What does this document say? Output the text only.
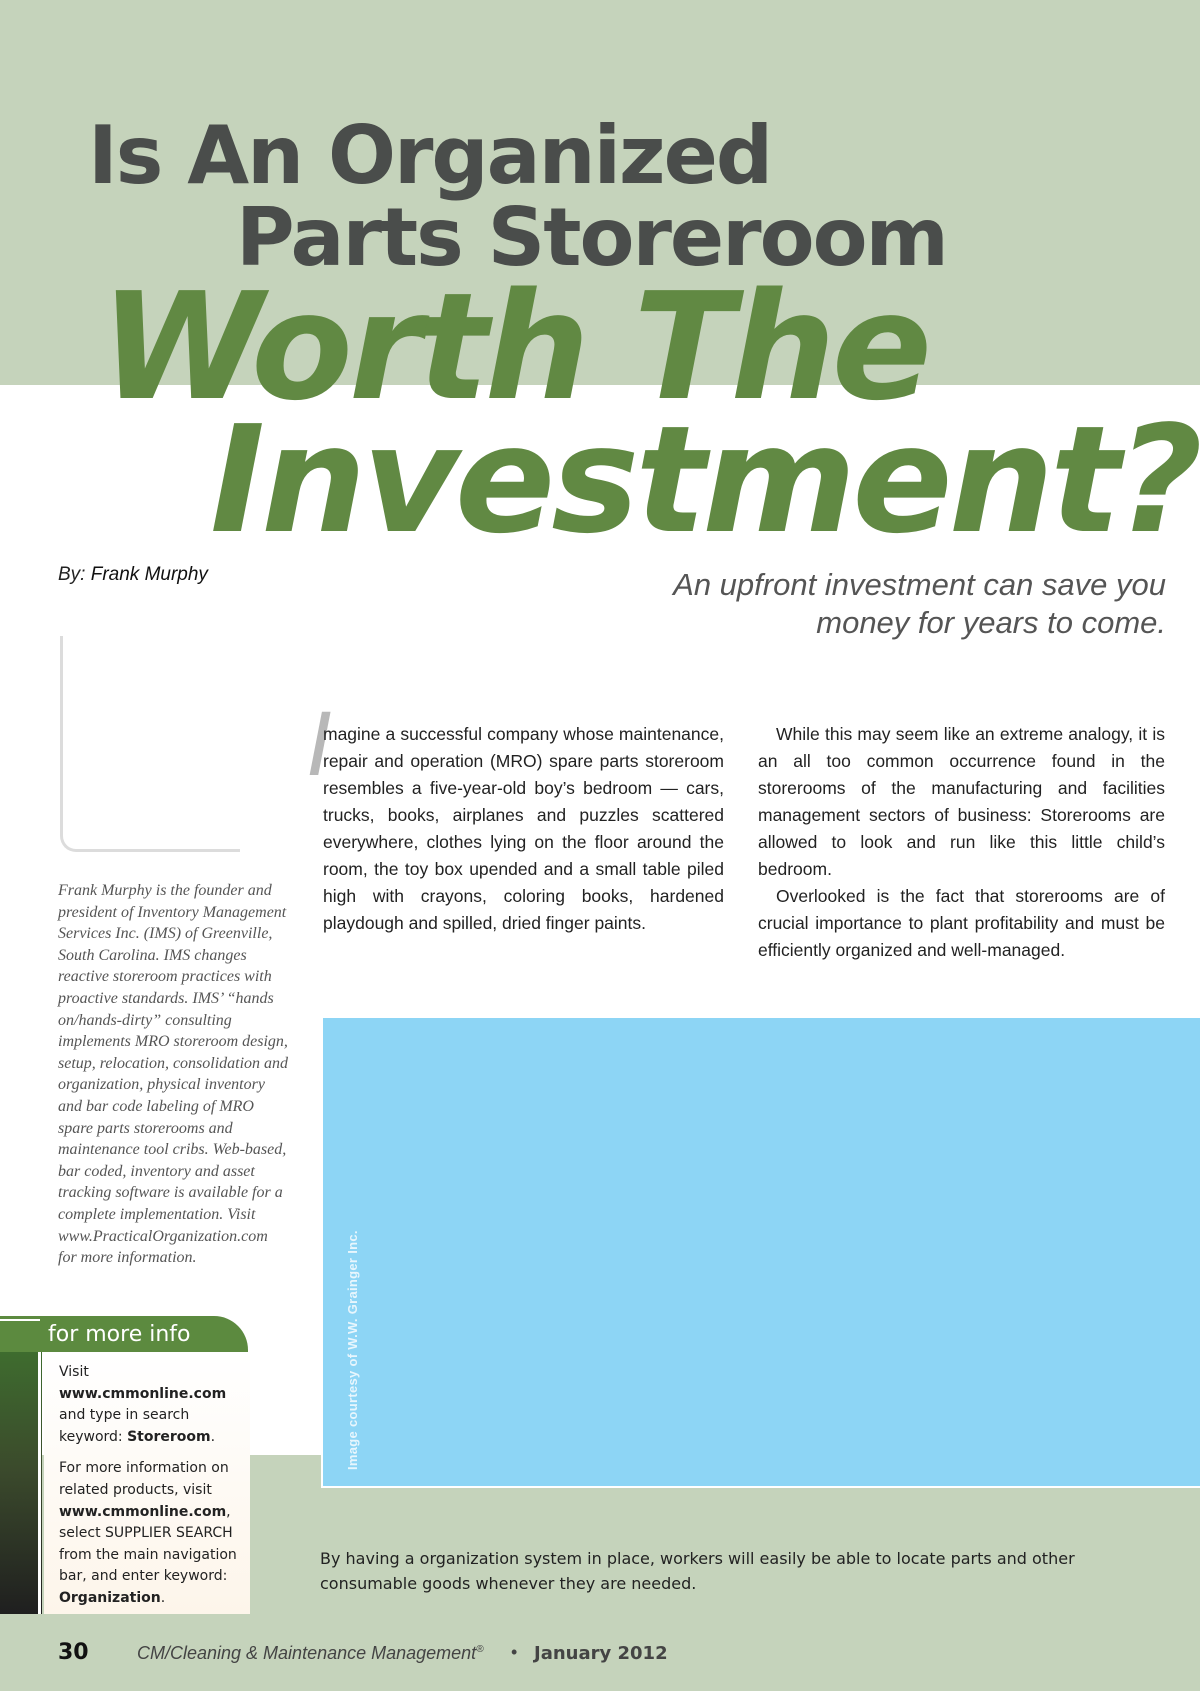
Is An Organized
Parts Storeroom
Worth The
Investment?
By: Frank Murphy	An upfront investment can save you money for years to come.
Frank Murphy is the founder and president of Inventory Management Services Inc. (IMS) of Greenville, South Carolina. IMS changes reactive storeroom practices with proactive standards. IMS’ “hands on/hands-dirty” consulting implements MRO storeroom design, setup, relocation, consolidation and organization, physical inventory and bar code labeling of MRO spare parts storerooms and maintenance tool cribs. Web-based, bar coded, inventory and asset tracking software is available for a complete implementation. Visit www.PracticalOrganization.com for more information.
I

magine a successful company whose maintenance, repair and operation (MRO) spare parts storeroom resembles a five-year-old boy’s bedroom — cars, trucks, books, airplanes and puzzles scattered everywhere, clothes lying on the floor around the room, the toy box upended and a small table piled high with crayons, coloring books, hardened playdough and spilled, dried finger paints.

While this may seem like an extreme analogy, it is an all too common occurrence found in the storerooms of the manufacturing and facilities management sectors of business: Storerooms are allowed to look and run like this little child’s bedroom.

Overlooked is the fact that storerooms are of crucial importance to plant profitability and must be efficiently organized and well-managed.

Image courtesy of W.W. Grainger Inc.
By having a organization system in place, workers will easily be able to locate parts and other consumable goods whenever they are needed.
for more info

Visit www.cmmonline.com and type in search keyword: Storeroom.

For more information on related products, visit www.cmmonline.com, select SUPPLIER SEARCH from the main navigation bar, and enter keyword: Organization.

30	CM/Cleaning & Maintenance Management® • January 2012
